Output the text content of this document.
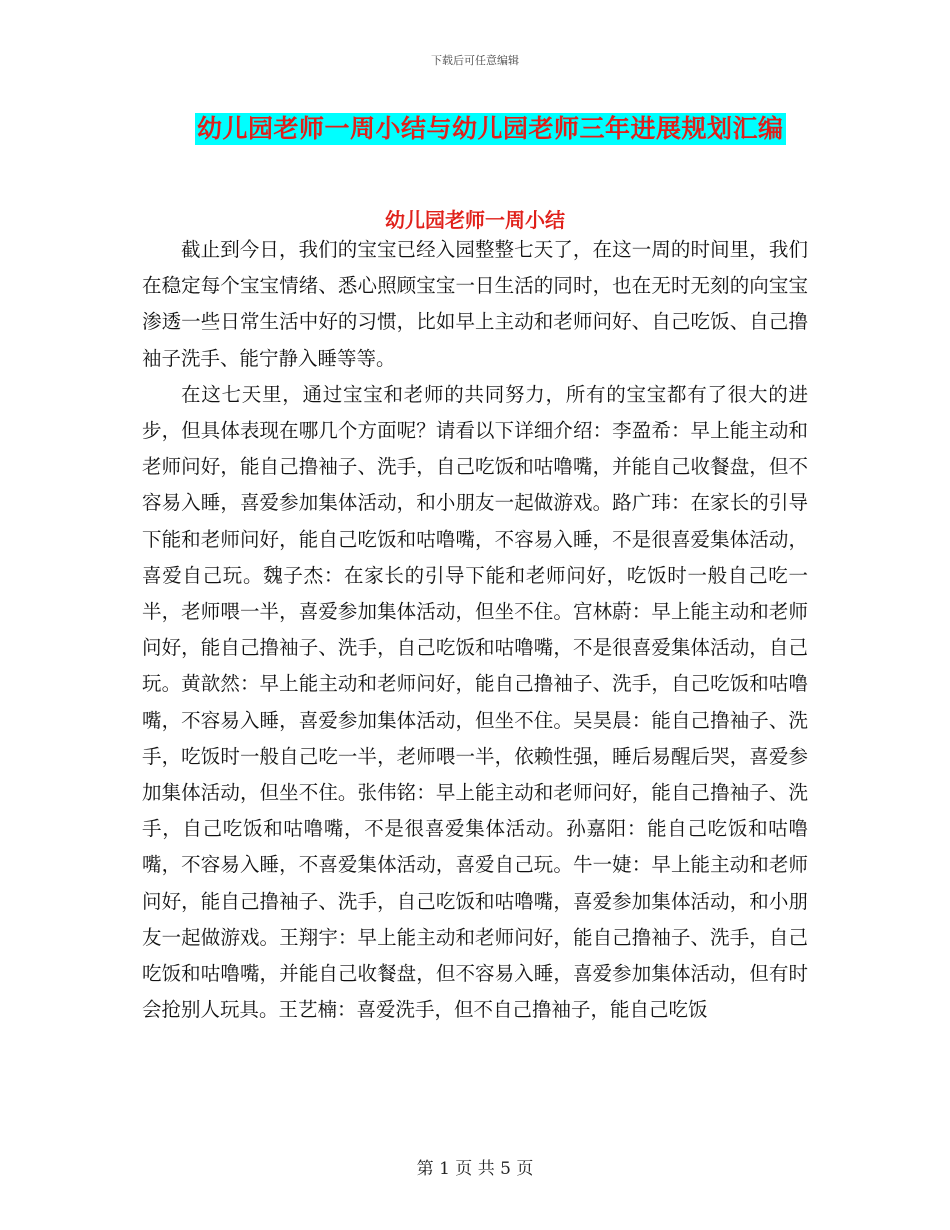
下载后可任意编辑
幼儿园老师一周小结与幼儿园老师三年进展规划汇编
幼儿园老师一周小结

截止到今日，我们的宝宝已经入园整整七天了，在这一周的时间里，我们在稳定每个宝宝情绪、悉心照顾宝宝一日生活的同时，也在无时无刻的向宝宝渗透一些日常生活中好的习惯，比如早上主动和老师问好、自己吃饭、自己撸袖子洗手、能宁静入睡等等。

在这七天里，通过宝宝和老师的共同努力，所有的宝宝都有了很大的进步，但具体表现在哪几个方面呢？请看以下详细介绍：李盈希：早上能主动和老师问好，能自己撸袖子、洗手，自己吃饭和咕噜嘴，并能自己收餐盘，但不容易入睡，喜爱参加集体活动，和小朋友一起做游戏。路广玮：在家长的引导下能和老师问好，能自己吃饭和咕噜嘴，不容易入睡，不是很喜爱集体活动，喜爱自己玩。魏子杰：在家长的引导下能和老师问好，吃饭时一般自己吃一半，老师喂一半，喜爱参加集体活动，但坐不住。宫林蔚：早上能主动和老师问好，能自己撸袖子、洗手，自己吃饭和咕噜嘴，不是很喜爱集体活动，自己玩。黄歆然：早上能主动和老师问好，能自己撸袖子、洗手，自己吃饭和咕噜嘴，不容易入睡，喜爱参加集体活动，但坐不住。吴昊晨：能自己撸袖子、洗手，吃饭时一般自己吃一半，老师喂一半，依赖性强，睡后易醒后哭，喜爱参加集体活动，但坐不住。张伟铭：早上能主动和老师问好，能自己撸袖子、洗手，自己吃饭和咕噜嘴，不是很喜爱集体活动。孙嘉阳：能自己吃饭和咕噜嘴，不容易入睡，不喜爱集体活动，喜爱自己玩。牛一婕：早上能主动和老师问好，能自己撸袖子、洗手，自己吃饭和咕噜嘴，喜爱参加集体活动，和小朋友一起做游戏。王翔宇：早上能主动和老师问好，能自己撸袖子、洗手，自己吃饭和咕噜嘴，并能自己收餐盘，但不容易入睡，喜爱参加集体活动，但有时会抢别人玩具。王艺楠：喜爱洗手，但不自己撸袖子，能自己吃饭

第 1 页 共 5 页
